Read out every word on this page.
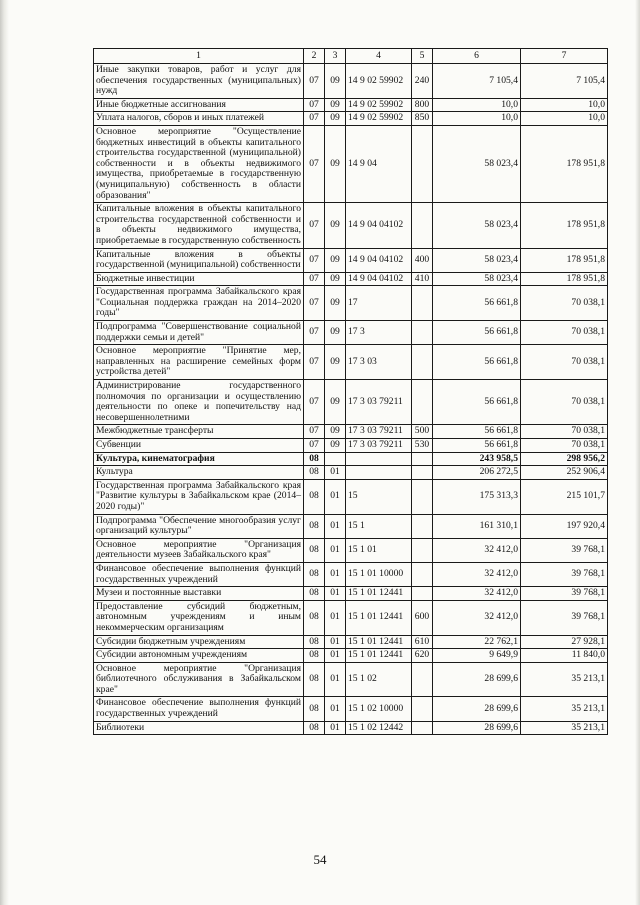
1	2	3	4	5	6	7
Иные закупки товаров, работ и услуг для обеспечения государственных (муниципальных) нужд	07	09	14 9 02 59902	240	7 105,4	7 105,4
Иные бюджетные ассигнования	07	09	14 9 02 59902	800	10,0	10,0
Уплата налогов, сборов и иных платежей	07	09	14 9 02 59902	850	10,0	10,0
Основное мероприятие "Осуществление бюджетных инвестиций в объекты капитального строительства государственной (муниципальной) собственности и в объекты недвижимого имущества, приобретаемые в государственную (муниципальную) собственность в области образования"	07	09	14 9 04		58 023,4	178 951,8
Капитальные вложения в объекты капитального строительства государственной собственности и в объекты недвижимого имущества, приобретаемые в государственную собственность	07	09	14 9 04 04102		58 023,4	178 951,8
Капитальные вложения в объекты государственной (муниципальной) собственности	07	09	14 9 04 04102	400	58 023,4	178 951,8
Бюджетные инвестиции	07	09	14 9 04 04102	410	58 023,4	178 951,8
Государственная программа Забайкальского края "Социальная поддержка граждан на 2014–2020 годы"	07	09	17		56 661,8	70 038,1
Подпрограмма "Совершенствование социальной поддержки семьи и детей"	07	09	17 3		56 661,8	70 038,1
Основное мероприятие "Принятие мер, направленных на расширение семейных форм устройства детей"	07	09	17 3 03		56 661,8	70 038,1
Администрирование государственного полномочия по организации и осуществлению деятельности по опеке и попечительству над несовершеннолетними	07	09	17 3 03 79211		56 661,8	70 038,1
Межбюджетные трансферты	07	09	17 3 03 79211	500	56 661,8	70 038,1
Субвенции	07	09	17 3 03 79211	530	56 661,8	70 038,1
Культура, кинематография	08				243 958,5	298 956,2
Культура	08	01			206 272,5	252 906,4
Государственная программа Забайкальского края "Развитие культуры в Забайкальском крае (2014–2020 годы)"	08	01	15		175 313,3	215 101,7
Подпрограмма "Обеспечение многообразия услуг организаций культуры"	08	01	15 1		161 310,1	197 920,4
Основное мероприятие "Организация деятельности музеев Забайкальского края"	08	01	15 1 01		32 412,0	39 768,1
Финансовое обеспечение выполнения функций государственных учреждений	08	01	15 1 01 10000		32 412,0	39 768,1
Музеи и постоянные выставки	08	01	15 1 01 12441		32 412,0	39 768,1
Предоставление субсидий бюджетным, автономным учреждениям и иным некоммерческим организациям	08	01	15 1 01 12441	600	32 412,0	39 768,1
Субсидии бюджетным учреждениям	08	01	15 1 01 12441	610	22 762,1	27 928,1
Субсидии автономным учреждениям	08	01	15 1 01 12441	620	9 649,9	11 840,0
Основное мероприятие "Организация библиотечного обслуживания в Забайкальском крае"	08	01	15 1 02		28 699,6	35 213,1
Финансовое обеспечение выполнения функций государственных учреждений	08	01	15 1 02 10000		28 699,6	35 213,1
Библиотеки	08	01	15 1 02 12442		28 699,6	35 213,1
54
